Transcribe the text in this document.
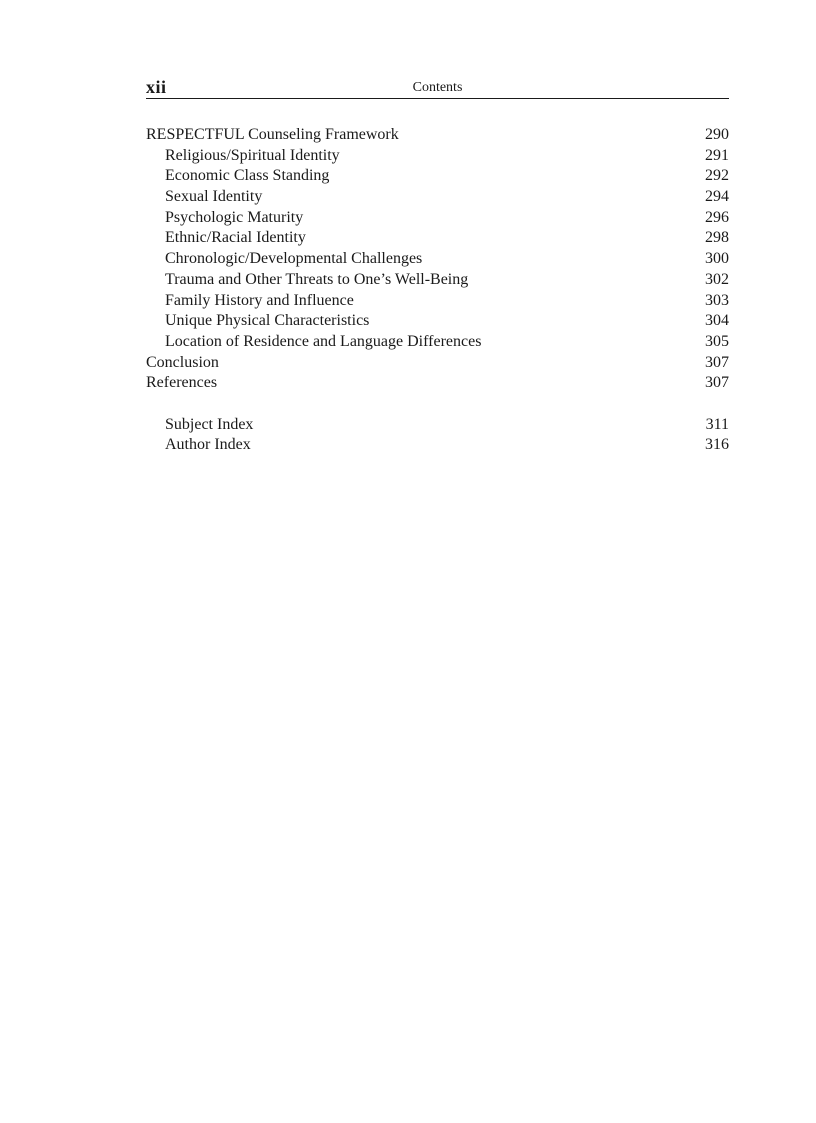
xii	Contents
RESPECTFUL Counseling Framework	290
Religious/Spiritual Identity	291
Economic Class Standing	292
Sexual Identity	294
Psychologic Maturity	296
Ethnic/Racial Identity	298
Chronologic/Developmental Challenges	300
Trauma and Other Threats to One’s Well-Being	302
Family History and Influence	303
Unique Physical Characteristics	304
Location of Residence and Language Differences	305
Conclusion	307
References	307
Subject Index	311
Author Index	316
